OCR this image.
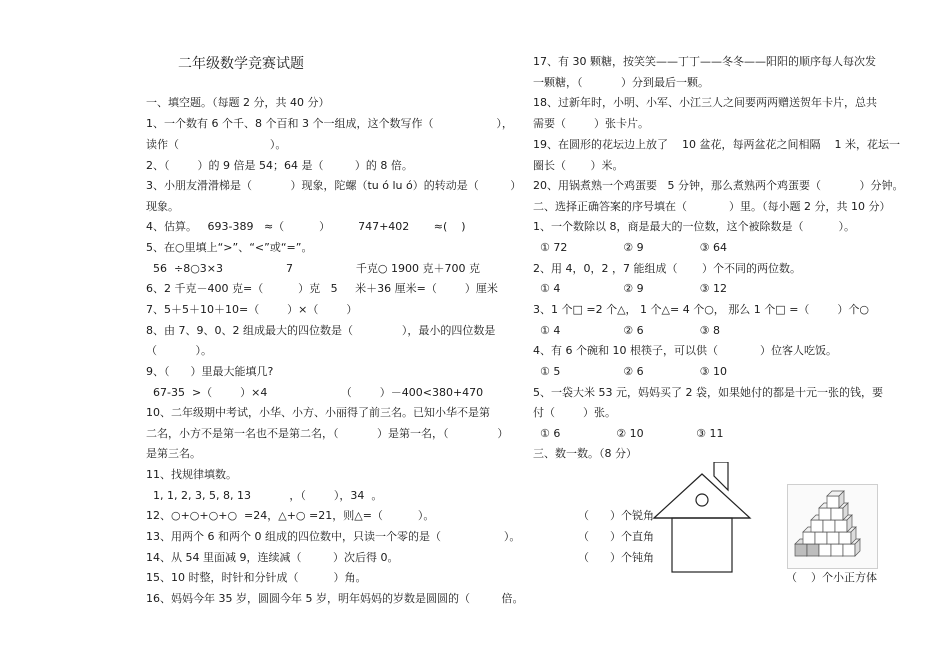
二年级数学竞赛试题
一、填空题。（每题 2 分，共 40 分）
1、一个数有 6 个千、8 个百和 3 个一组成，这个数写作（                  ），
读作（                          ）。
2、（        ）的 9 倍是 54；64 是（         ）的 8 倍。
3、小朋友滑滑梯是（           ）现象，陀螺（tu ó lu ó）的转动是（         ）
现象。
4、估算。   693-389   ≈（          ）        747+402       ≈(    )
5、在○里填上“>”、“<”或“=”。
56  ÷8○3×3                  7                  千克○ 1900 克＋700 克
6、2 千克－400 克=（          ）克   5     米＋36 厘米=（        ）厘米
7、5＋5＋10＋10=（        ）×（        ）
8、由 7、9、0、2 组成最大的四位数是（              ），最小的四位数是
（           ）。
9、（      ）里最大能填几?
67-35  >（        ）×4                     （        ）－400<380+470
10、二年级期中考试，小华、小方、小丽得了前三名。已知小华不是第
二名，小方不是第一名也不是第二名，（           ）是第一名，（              ）
是第三名。
11、找规律填数。
1, 1, 2, 3, 5, 8, 13           ，（        ），34  。
12、○+○+○+○  =24，△+○ =21，则△=（          ）。
13、用两个 6 和两个 0 组成的四位数中，只读一个零的是（                  ）。
14、从 54 里面减 9，连续减（         ）次后得 0。
15、10 时整，时针和分针成（          ）角。
16、妈妈今年 35 岁，圆圆今年 5 岁，明年妈妈的岁数是圆圆的（         倍。
17、有 30 颗糖，按笑笑——丁丁——冬冬——阳阳的顺序每人每次发
一颗糖，（           ）分到最后一颗。
18、过新年时，小明、小军、小江三人之间要两两赠送贺年卡片，总共
需要（        ）张卡片。
19、在圆形的花坛边上放了    10 盆花，每两盆花之间相隔    1 米，花坛一
圈长（       ）米。
20、用锅煮熟一个鸡蛋要   5 分钟，那么煮熟两个鸡蛋要（           ）分钟。
二、选择正确答案的序号填在（            ）里。（每小题 2 分，共 10 分）
1、一个数除以 8，商是最大的一位数，这个被除数是（          ）。
① 72                ② 9                ③ 64
2、用 4，0，2 ，7 能组成（       ）个不同的两位数。
① 4                  ② 9                ③ 12
3、1 个□ =2 个△， 1 个△= 4 个○， 那么 1 个□ =（        ）个○
① 4                  ② 6                ③ 8
4、有 6 个碗和 10 根筷子，可以供（            ）位客人吃饭。
① 5                  ② 6                ③ 10
5、一袋大米 53 元，妈妈买了 2 袋，如果她付的都是十元一张的钱，要
付（        ）张。
① 6                ② 10               ③ 11
三、数一数。（8 分）
（      ）个锐角
（      ）个直角
（      ）个钝角
（    ）个小正方体
